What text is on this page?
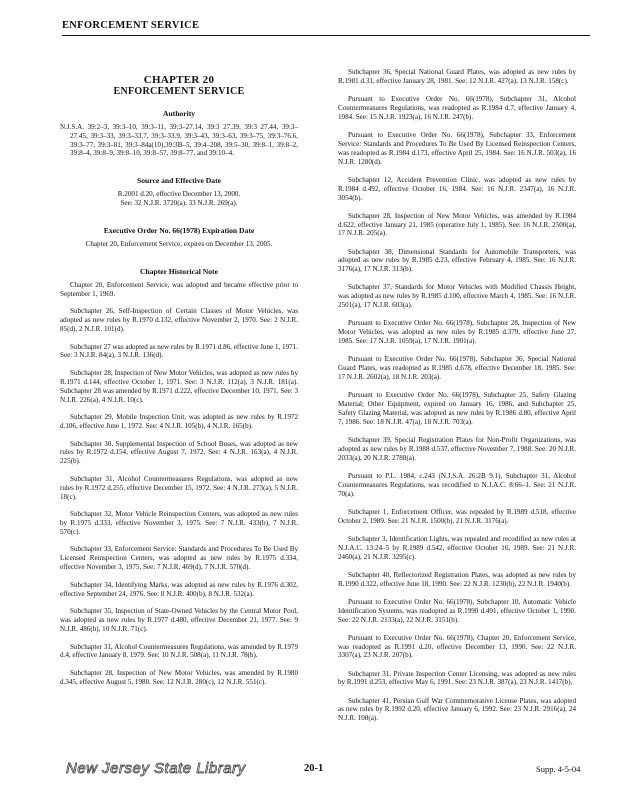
ENFORCEMENT SERVICE
CHAPTER 20
ENFORCEMENT SERVICE
Authority
N.J.S.A. 39:2–3, 39:3–10, 39:3–11, 39:3–27.14, 39:3 27.39, 39:3 27.44, 39:3–27.45, 39:3–33, 39:3–33.7, 39:3–33.9, 39:3–43, 39:3–63, 39:3–75, 39:3–76.6, 39:3–77, 39:3–81, 39:3–84a(10),39:3B–5, 39:4–208, 39:5–30, 39:8–1, 39:8–2, 39:8–4, 39:8–9, 39:8–10, 39:8–57, 39:8–77, and 39:10–4.
Source and Effective Date
R.2001 d.20, effective December 13, 2000.
See: 32 N.J.R. 3720(a), 33 N.J.R. 269(a).
Executive Order No. 66(1978) Expiration Date
Chapter 20, Enforcement Service, expires on December 13, 2005.
Chapter Historical Note

Chapter 20, Enforcement Service, was adopted and became effective prior to September 1, 1969.

Subchapter 26, Self-Inspection of Certain Classes of Motor Vehicles, was adopted as new rules by R.1970 d.132, effective November 2, 1970. See: 2 N.J.R. 85(d), 2 N.J.R. 101(d).

Subchapter 27 was adopted as new rules by R.1971 d.86, effective June 1, 1971. See: 3 N.J.R. 84(a), 3 N.J.R. 136(d).

Subchapter 28, Inspection of New Motor Vehicles, was adopted as new rules by R.1971 d.144, effective October 1, 1971. See: 3 N.J.R. 112(a), 3 N.J.R. 181(a). Subchapter 28 was amended by R.1971 d.222, effective December 10, 1971. See: 3 N.J.R. 226(a), 4 N.J.R. 10(c).

Subchapter 29, Mobile Inspection Unit, was adopted as new rules by R.1972 d.106, effective June 1, 1972. See: 4 N.J.R. 105(b), 4 N.J.R. 165(b).

Subchapter 30, Supplemental Inspection of School Buses, was adopted as new rules by R.1972 d.154, effective August 7, 1972. See: 4 N.J.R. 163(a), 4 N.J.R. 225(b).

Subchapter 31, Alcohol Countermeasures Regulations, was adopted as new rules by R.1972 d.255, effective December 15, 1972. See: 4 N.J.R. 273(a), 5 N.J.R. 18(c).

Subchapter 32, Motor Vehicle Reinspection Centers, was adopted as new rules by R.1975 d.333, effective November 3, 1975. See: 7 N.J.R. 433(b), 7 N.J.R. 570(c).

Subchapter 33, Enforcement Service: Standards and Procedures To Be Used By Licensed Reinspection Centers, was adopted as new rules by R.1975 d.334, effective November 3, 1975. See: 7 N.J.R. 469(d), 7 N.J.R. 570(d).

Subchapter 34, Identifying Marks, was adopted as new rules by R.1976 d.302, effective September 24, 1976. See: 8 N.J.R. 400(b), 8 N.J.R. 532(a).

Subchapter 35, Inspection of State-Owned Vehicles by the Central Motor Pool, was adopted as new rules by R.1977 d.480, effective December 21, 1977. See: 9 N.J.R. 486(b), 10 N.J.R. 71(c).

Subchapter 31, Alcohol Countermeasures Regulations, was amended by R.1979 d.4, effective January 8, 1979. See: 10 N.J.R. 508(a), 11 N.J.R. 78(b).

Subchapter 28, Inspection of New Motor Vehicles, was amended by R.1980 d.345, effective August 5, 1980. See: 12 N.J.R. 280(c), 12 N.J.R. 551(c).

Subchapter 36, Special National Guard Plates, was adopted as new rules by R.1981 d.31, effective January 28, 1981. See: 12 N.J.R. 427(a), 13 N.J.R. 158(c).

Pursuant to Executive Order No. 66(1978), Subchapter 31, Alcohol Countermeasures Regulations, was readopted as R.1984 d.7, effective January 4, 1984. See: 15 N.J.R. 1923(a), 16 N.J.R. 247(b).

Pursuant to Executive Order No. 66(1978), Subchapter 33, Enforcement Service: Standards and Procedures To Be Used By Licensed Reinspection Centers, was readopted as R.1984 d.173, effective April 25, 1984. See: 16 N.J.R. 503(a), 16 N.J.R. 1280(d).

Subchapter 12, Accident Prevention Clinic, was adopted as new rules by R.1984 d.492, effective October 16, 1984. See: 16 N.J.R. 2347(a), 16 N.J.R. 3054(b).

Subchapter 28, Inspection of New Motor Vehicles, was amended by R.1984 d.622, effective January 21, 1985 (operative July 1, 1985). See: 16 N.J.R. 2500(a), 17 N.J.R. 205(a).

Subchapter 38, Dimensional Standards for Automobile Transporters, was adopted as new rules by R.1985 d.23, effective February 4, 1985. See: 16 N.J.R. 3176(a), 17 N.J.R. 313(b).

Subchapter 37, Standards for Motor Vehicles with Modified Chassis Height, was adopted as new rules by R.1985 d.100, effective March 4, 1985. See: 16 N.J.R. 2501(a), 17 N.J.R. 603(a).

Pursuant to Executive Order No. 66(1978), Subchapter 28, Inspection of New Motor Vehicles, was adopted as new rules by R.1985 d.379, effective June 27, 1985. See: 17 N.J.R. 1059(a), 17 N.J.R. 1901(a).

Pursuant to Executive Order No. 66(1978), Subchapter 36, Special National Guard Plates, was readopted as R.1985 d.678, effective December 18, 1985. See: 17 N.J.R. 2602(a), 18 N.J.R. 203(a).

Pursuant to Executive Order No. 66(1978), Subchapter 25, Safety Glazing Material; Other Equipment, expired on January 16, 1986, and Subchapter 25, Safety Glazing Material, was adopted as new rules by R.1986 d.80, effective April 7, 1986. See: 18 N.J.R. 47(a), 18 N.J.R. 703(a).

Subchapter 39, Special Registration Plates for Non-Profit Organizations, was adopted as new rules by R.1988 d.537, effective November 7, 1988. See: 20 N.J.R. 2033(a), 20 N.J.R. 2788(a).

Pursuant to P.L. 1984, c.243 (N.J.S.A. 26:2B 9.1), Subchapter 31, Alcohol Countermeasures Regulations, was recodified to N.J.A.C. 8:66–1. See: 21 N.J.R. 70(a).

Subchapter 1, Enforcement Officer, was repealed by R.1989 d.518, effective October 2, 1989. See: 21 N.J.R. 1500(b), 21 N.J.R. 3176(a).

Subchapter 3, Identification Lights, was repealed and recodified as new rules at N.J.A.C. 13:24–5 by R.1989 d.542, effective October 16, 1989. See: 21 N.J.R. 2460(a), 21 N.J.R. 3295(c).

Subchapter 40, Reflectorized Registration Plates, was adopted as new rules by R.1990 d.322, effective June 18, 1990. See: 22 N.J.R. 1230(b), 22 N.J.R. 1940(b).

Pursuant to Executive Order No. 66(1978), Subchapter 10, Automatic Vehicle Identification Systems, was readopted as R.1990 d.491, effective October 1, 1990. See: 22 N.J.R. 2133(a), 22 N.J.R. 3151(b).

Pursuant to Executive Order No. 66(1978), Chapter 20, Enforcement Service, was readopted as R.1991 d.20, effective December 13, 1990. See: 22 N.J.R. 3307(a), 23 N.J.R. 207(b).

Subchapter 31, Private Inspection Center Licensing, was adopted as new rules by R.1991 d.253, effective May 6, 1991. See: 23 N.J.R. 387(a), 23 N.J.R. 1417(b).

Subchapter 41, Persian Gulf War Commemorative License Plates, was adopted as new rules by R.1992 d.20, effective January 6, 1992. See: 23 N.J.R. 2916(a), 24 N.J.R. 108(a).

New Jersey State Library	20-1	Supp. 4-5-04
